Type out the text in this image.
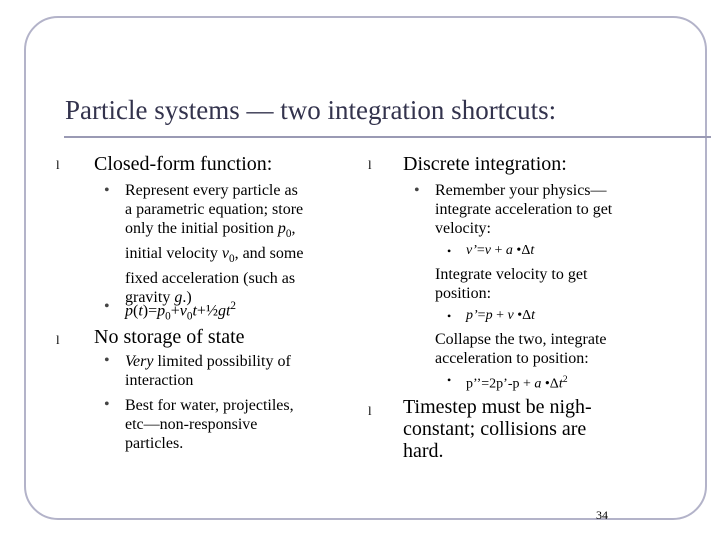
Particle systems — two integration shortcuts:
l Closed-form function:
• Represent every particle as
a parametric equation; store
only the initial position $p_0$,
initial velocity $v_0$, and some
fixed acceleration (such as
gravity g.)
• $p(t)=p_0+v_0t+\frac{1}{2}gt^2$
l No storage of state
• Very limited possibility of
interaction
• Best for water, projectiles,
etc—non-responsive
particles.
l Discrete integration:
• Remember your physics—
integrate acceleration to get
velocity:
• v’=v + a •Δt
Integrate velocity to get
position:
• p’=p + v •Δt
Collapse the two, integrate
acceleration to position:
• p’’=2p’-p + a $•\Delta t^2$
l Timestep must be nigh-
constant; collisions are
hard.
34
